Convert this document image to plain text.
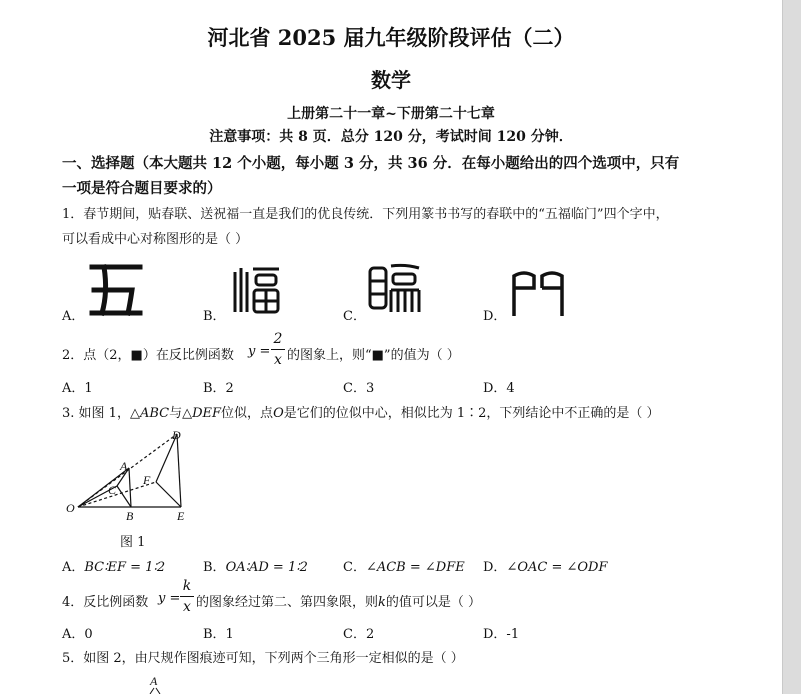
河北省 2025 届九年级阶段评估（二）
数学
上册第二十一章~下册第二十七章
注意事项：共 8 页．总分 120 分，考试时间 120 分钟．
一、选择题（本大题共 12 个小题，每小题 3 分，共 36 分．在每小题给出的四个选项中，只有
一项是符合题目要求的）
1．春节期间，贴春联、送祝福一直是我们的优良传统．下列用篆书书写的春联中的“五福临门”四个字中，
可以看成中心对称图形的是（ ）
A．	B．	C．	D．
2．点（2，■）在反比例函数 y =
2
x 的图象上，则“■”的值为（ ）
A．1	B．2	C．3	D．4
3. 如图 1，△ABC与△DEF位似，点O是它们的位似中心，相似比为 1∶2，下列结论中不正确的是（ ）
D
A
F
C
O
B	E
图 1
A．BC∶EF = 1∶2	B．OA∶AD = 1∶2	C．∠ACB = ∠DFE D．∠OAC = ∠ODF
4．反比例函数 y =
k
x 的图象经过第二、第四象限，则k的值可以是（ ）
A．0	B．1	C．2	D．-1
5．如图 2，由尺规作图痕迹可知，下列两个三角形一定相似的是（ ）
A
